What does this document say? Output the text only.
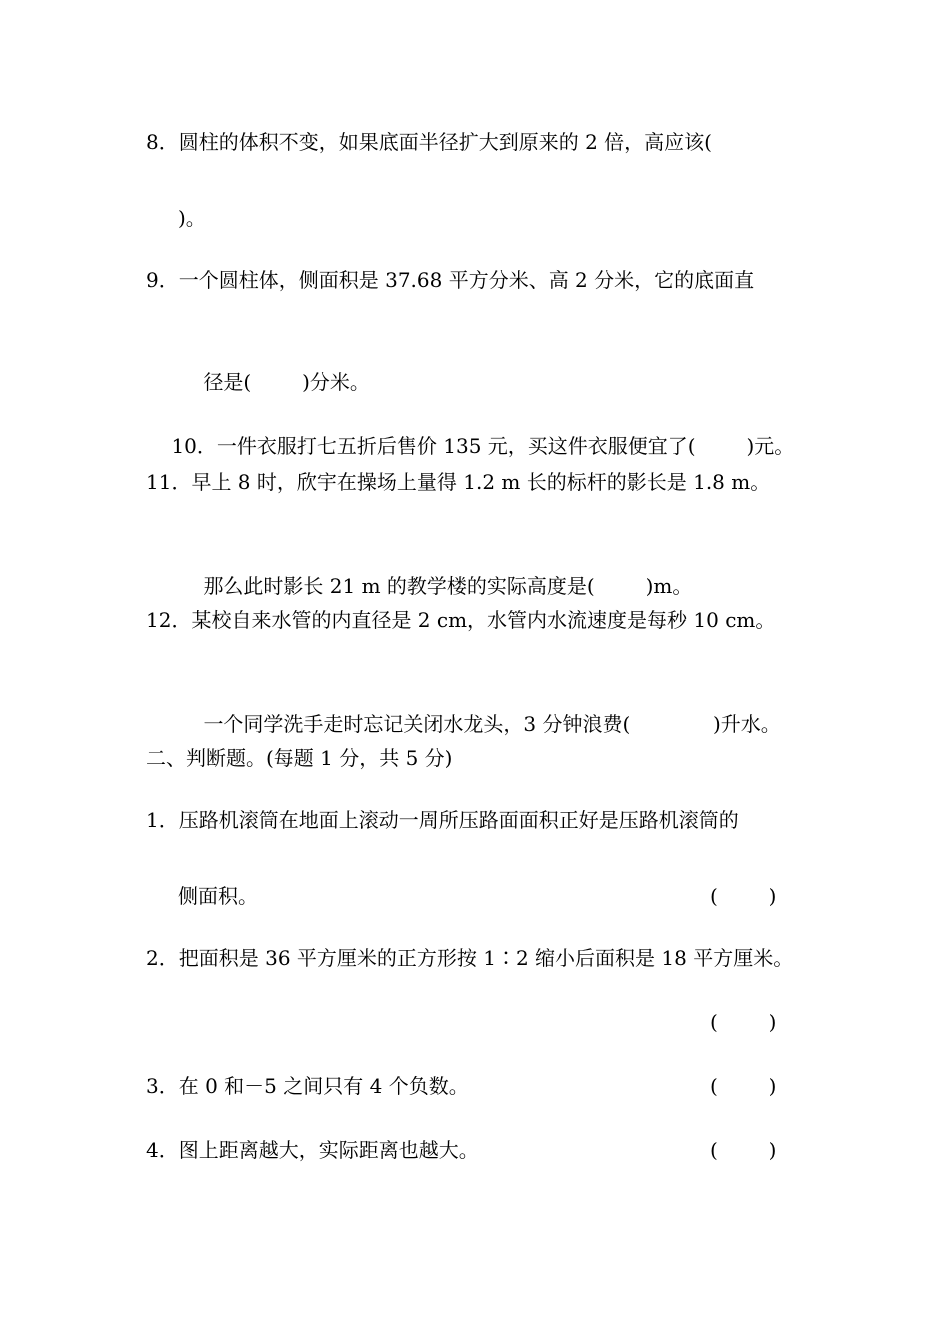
8．圆柱的体积不变，如果底面半径扩大到原来的 2 倍，高应该(
)。
9．一个圆柱体，侧面积是 37.68 平方分米、高 2 分米，它的底面直

径是(        )分米。

10．一件衣服打七五折后售价 135 元，买这件衣服便宜了(        )元。

11．早上 8 时，欣宇在操场上量得 1.2 m 长的标杆的影长是 1.8 m。

那么此时影长 21 m 的教学楼的实际高度是(        )m。

12．某校自来水管的内直径是 2 cm，水管内水流速度是每秒 10 cm。

一个同学洗手走时忘记关闭水龙头，3 分钟浪费(             )升水。

二、判断题。(每题 1 分，共 5 分)
1．压路机滚筒在地面上滚动一周所压路面面积正好是压路机滚筒的
侧面积。	(        )
2．把面积是 36 平方厘米的正方形按 1∶2 缩小后面积是 18 平方厘米。
(        )
3．在 0 和－5 之间只有 4 个负数。	(        )
4．图上距离越大，实际距离也越大。	(        )
